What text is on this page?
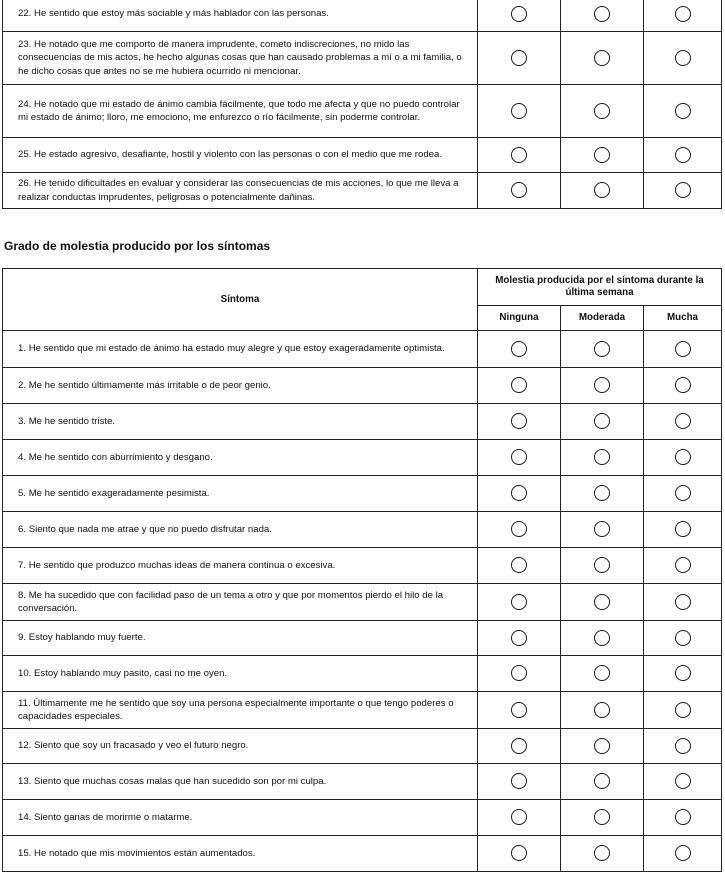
22. He sentido que estoy más sociable y más hablador con las personas.			
23. He notado que me comporto de manera imprudente, cometo indiscreciones, no mido las consecuencias de mis actos, he hecho algunas cosas que han causado problemas a mí o a mi familia, o he dicho cosas que antes no se me hubiera ocurrido ni mencionar.			
24. He notado que mi estado de ánimo cambia fácilmente, que todo me afecta y que no puedo controlar mi estado de ánimo; lloro, me emociono, me enfurezco o río fácilmente, sin poderme controlar.			
25. He estado agresivo, desafiante, hostil y violento con las personas o con el medio que me rodea.			
26. He tenido dificultades en evaluar y considerar las consecuencias de mis acciones, lo que me lleva a realizar conductas imprudentes, peligrosas o potencialmente dañinas.			
Grado de molestia producido por los síntomas
Síntoma	Molestia producida por el síntoma durante la última semana		
	Ninguna	Moderada	Mucha
1. He sentido que mi estado de ánimo ha estado muy alegre y que estoy exageradamente optimista.			
2. Me he sentido últimamente más irritable o de peor genio.			
3. Me he sentido triste.			
4. Me he sentido con aburrimiento y desgano.			
5. Me he sentido exageradamente pesimista.			
6. Siento que nada me atrae y que no puedo disfrutar nada.			
7. He sentido que produzco muchas ideas de manera continua o excesiva.			
8. Me ha sucedido que con facilidad paso de un tema a otro y que por momentos pierdo el hilo de la conversación.			
9. Estoy hablando muy fuerte.			
10. Estoy hablando muy pasito, casi no me oyen.			
11. Últimamente me he sentido que soy una persona especialmente importante o que tengo poderes o capacidades especiales.			
12. Siento que soy un fracasado y veo el futuro negro.			
13. Siento que muchas cosas malas que han sucedido son por mi culpa.			
14. Siento ganas de morirme o matarme.			
15. He notado que mis movimientos están aumentados.			
